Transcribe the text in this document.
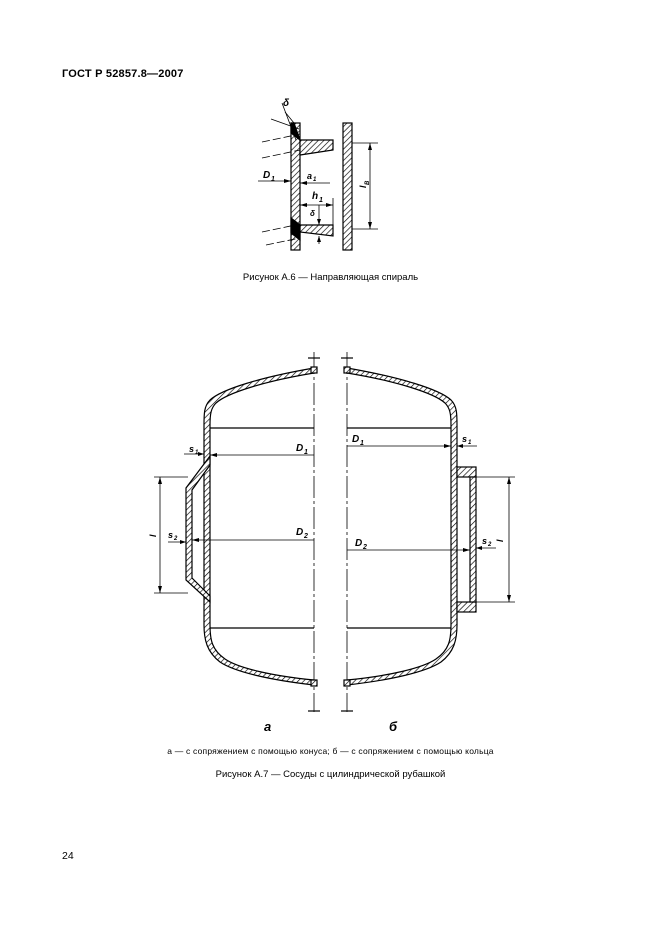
ГОСТ Р 52857.8—2007
δ
D 1	a 1
h 1
δ
l
B
s 1	D 1
s 2
D 2
l
D 1	s 1
D 2
s 2
l
а	б
Рисунок А.6 — Направляющая спираль
а — с сопряжением с помощью конуса; б — с сопряжением с помощью кольца
Рисунок А.7 — Сосуды с цилиндрической рубашкой
24
